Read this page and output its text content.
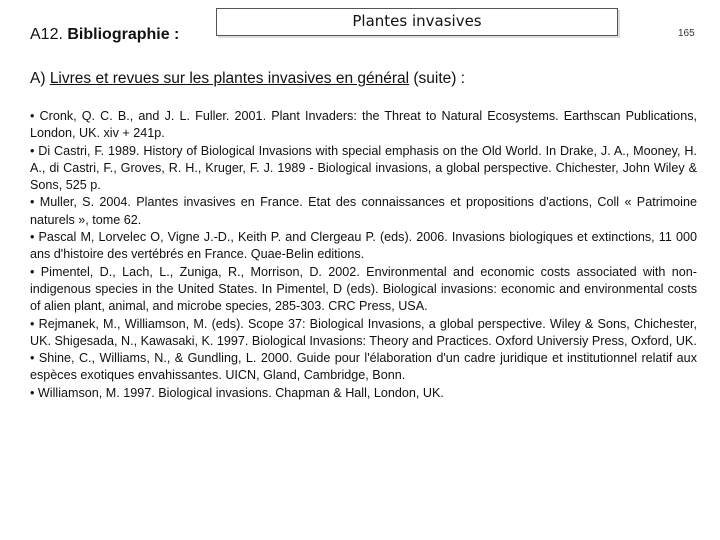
A12. Bibliographie :
Plantes invasives
165
A) Livres et revues sur les plantes invasives en général (suite) :

• Cronk, Q. C. B., and J. L. Fuller. 2001. Plant Invaders: the Threat to Natural Ecosystems. Earthscan Publications, London, UK. xiv + 241p.

• Di Castri, F. 1989. History of Biological Invasions with special emphasis on the Old World. In Drake, J. A., Mooney, H. A., di Castri, F., Groves, R. H., Kruger, F. J. 1989 - Biological invasions, a global perspective. Chichester, John Wiley & Sons, 525 p.

• Muller, S. 2004. Plantes invasives en France. Etat des connaissances et propositions d'actions, Coll « Patrimoine naturels », tome 62.

• Pascal M, Lorvelec O, Vigne J.-D., Keith P. and Clergeau P. (eds). 2006. Invasions biologiques et extinctions, 11 000 ans d'histoire des vertébrés en France. Quae-Belin editions.

• Pimentel, D., Lach, L., Zuniga, R., Morrison, D. 2002. Environmental and economic costs associated with non-indigenous species in the United States. In Pimentel, D (eds). Biological invasions: economic and environmental costs of alien plant, animal, and microbe species, 285-303. CRC Press, USA.

• Rejmanek, M., Williamson, M. (eds). Scope 37: Biological Invasions, a global perspective. Wiley & Sons, Chichester, UK. Shigesada, N., Kawasaki, K. 1997. Biological Invasions: Theory and Practices. Oxford Universiy Press, Oxford, UK.

• Shine, C., Williams, N., & Gundling, L. 2000. Guide pour l'élaboration d'un cadre juridique et institutionnel relatif aux espèces exotiques envahissantes. UICN, Gland, Cambridge, Bonn.

• Williamson, M. 1997. Biological invasions. Chapman & Hall, London, UK.
